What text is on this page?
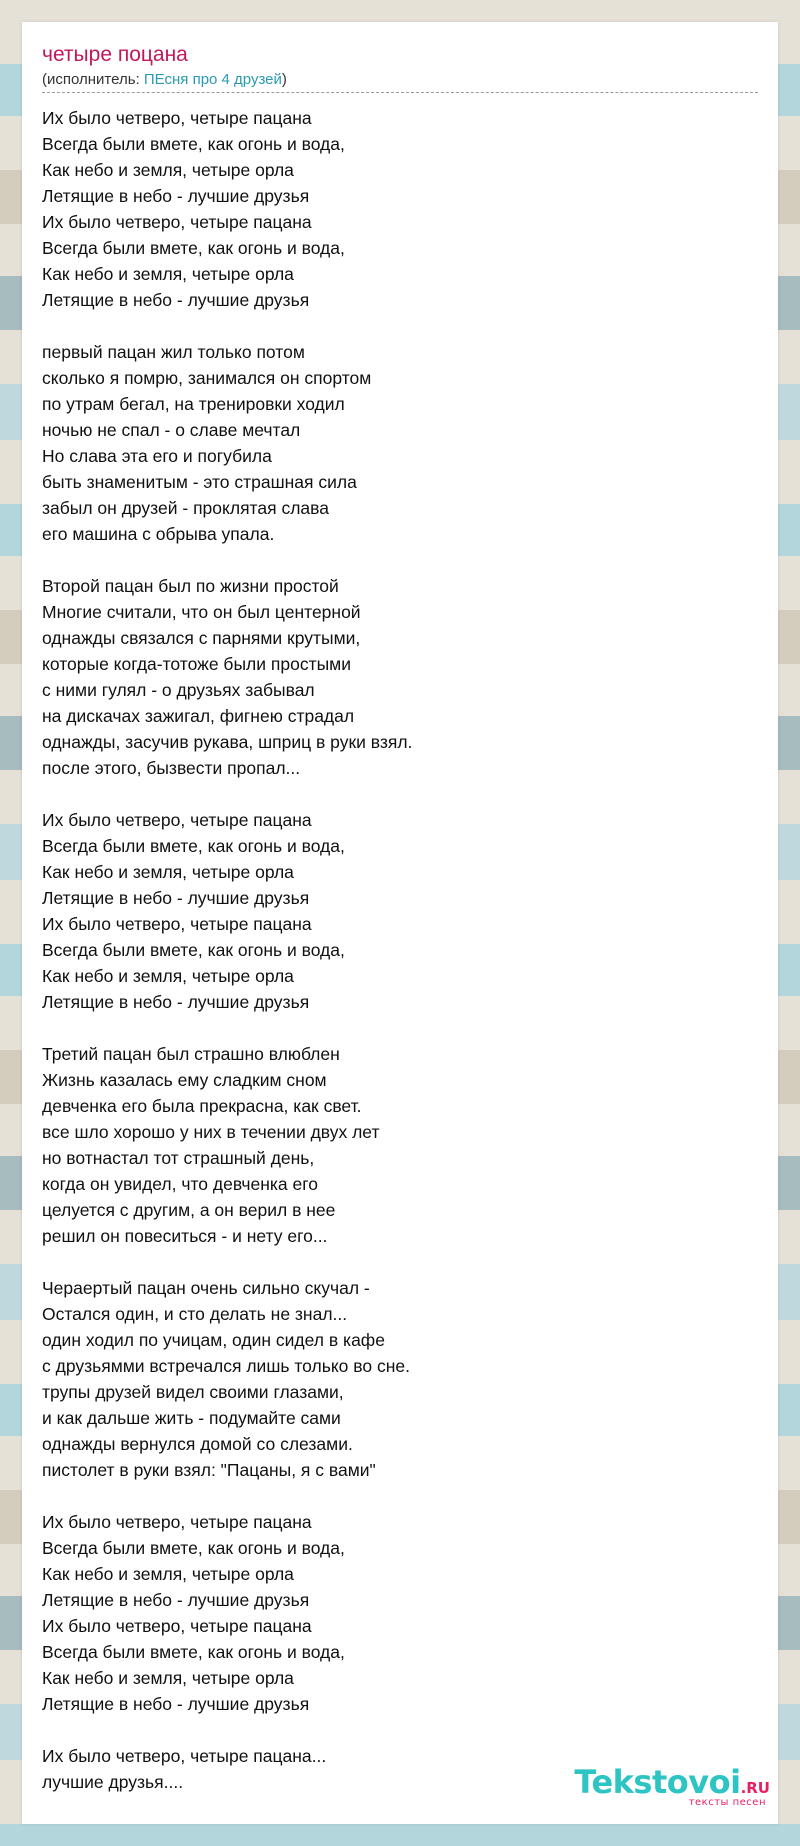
четыре поцана
(исполнитель: ПЕсня про 4 друзей)
Их было четверо, четыре пацана
Всегда были вмете, как огонь и вода,
Как небо и земля, четыре орла
Летящие в небо - лучшие друзья
Их было четверо, четыре пацана
Всегда были вмете, как огонь и вода,
Как небо и земля, четыре орла
Летящие в небо - лучшие друзья
первый пацан жил только потом
сколько я помрю, занимался он спортом
по утрам бегал, на тренировки ходил
ночью не спал - о славе мечтал
Но слава эта его и погубила
быть знаменитым - это страшная сила
забыл он друзей - проклятая слава
его машина с обрыва упала.
Второй пацан был по жизни простой
Многие считали, что он был центерной
однажды связался с парнями крутыми,
которые когда-тотоже были простыми
с ними гулял - о друзьях забывал
на дискачах зажигал, фигнею страдал
однажды, засучив рукава, шприц в руки взял.
после этого, бызвести пропал...
Их было четверо, четыре пацана
Всегда были вмете, как огонь и вода,
Как небо и земля, четыре орла
Летящие в небо - лучшие друзья
Их было четверо, четыре пацана
Всегда были вмете, как огонь и вода,
Как небо и земля, четыре орла
Летящие в небо - лучшие друзья
Третий пацан был страшно влюблен
Жизнь казалась ему сладким сном
девченка его была прекрасна, как свет.
все шло хорошо у них в течении двух лет
но вотнастал тот страшный день,
когда он увидел, что девченка его
целуется с другим, а он верил в нее
решил он повеситься - и нету его...
Чераертый пацан очень сильно скучал -
Остался один, и сто делать не знал...
один ходил по учицам, один сидел в кафе
с друзьямми встречался лишь только во сне.
трупы друзей видел своими глазами,
и как дальше жить - подумайте сами
однажды вернулся домой со слезами.
пистолет в руки взял: "Пацаны, я с вами"
Их было четверо, четыре пацана
Всегда были вмете, как огонь и вода,
Как небо и земля, четыре орла
Летящие в небо - лучшие друзья
Их было четверо, четыре пацана
Всегда были вмете, как огонь и вода,
Как небо и земля, четыре орла
Летящие в небо - лучшие друзья
Их было четверо, четыре пацана...
лучшие друзья....	Tekstovoi.RU
тексты песен
